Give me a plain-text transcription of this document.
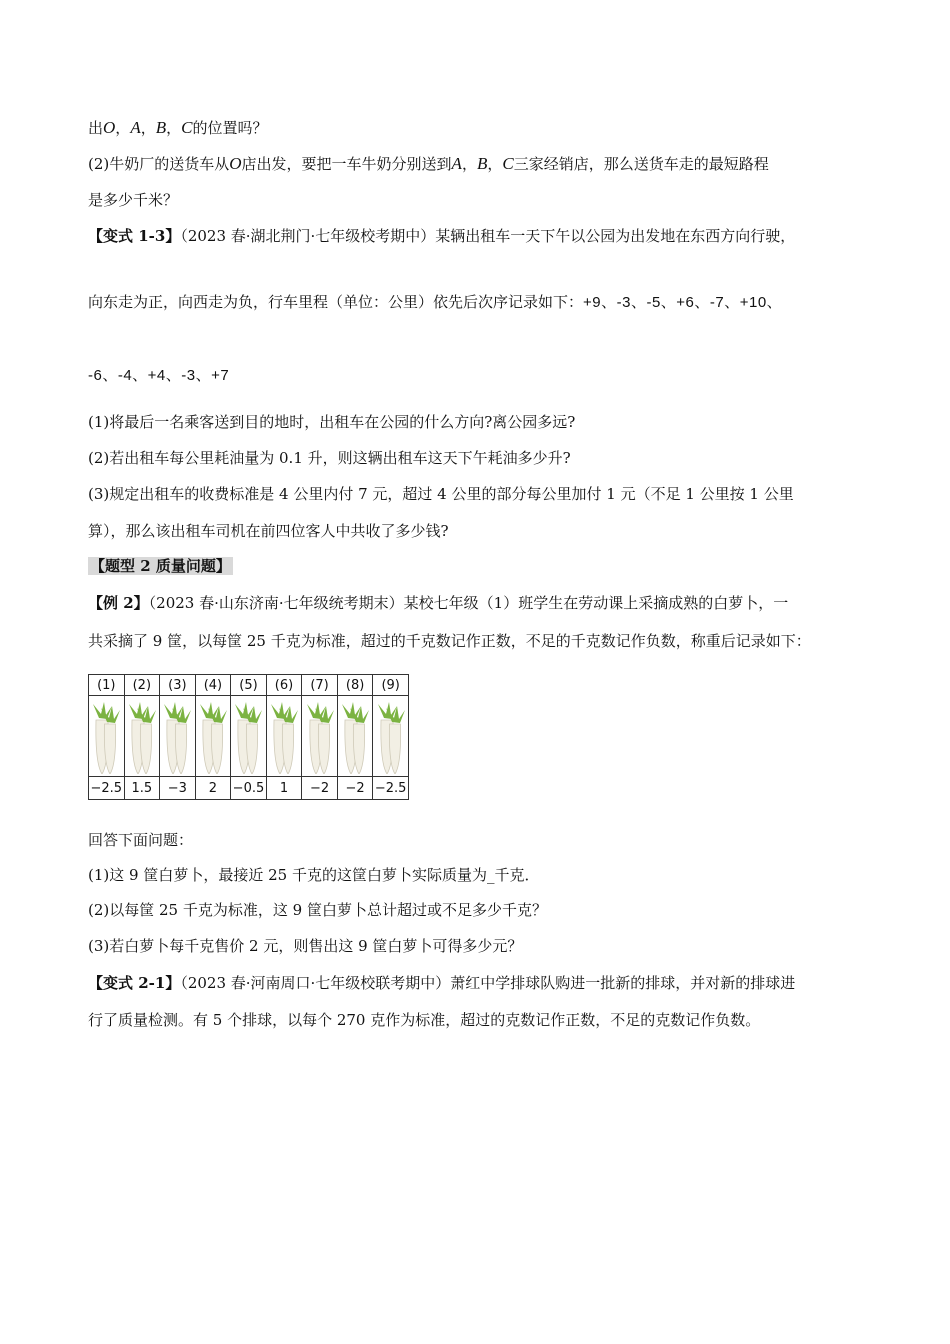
出O，A，B，C的位置吗？
(2)牛奶厂的送货车从O店出发，要把一车牛奶分别送到A，B，C三家经销店，那么送货车走的最短路程
是多少千米？
【变式 1-3】（2023 春·湖北荆门·七年级校考期中）某辆出租车一天下午以公园为出发地在东西方向行驶，
向东走为正，向西走为负，行车里程（单位：公里）依先后次序记录如下：+9、-3、-5、+6、-7、+10、
-6、-4、+4、-3、+7
(1)将最后一名乘客送到目的地时，出租车在公园的什么方向?离公园多远?
(2)若出租车每公里耗油量为 0.1 升，则这辆出租车这天下午耗油多少升?
(3)规定出租车的收费标准是 4 公里内付 7 元，超过 4 公里的部分每公里加付 1 元（不足 1 公里按 1 公里
算），那么该出租车司机在前四位客人中共收了多少钱?
【题型 2 质量问题】
【例 2】（2023 春·山东济南·七年级统考期末）某校七年级（1）班学生在劳动课上采摘成熟的白萝卜，一
共采摘了 9 筐，以每筐 25 千克为标准，超过的千克数记作正数，不足的千克数记作负数，称重后记录如下：
(1)	(2)	(3)	(4)	(5)	(6)	(7)	(8)	(9)

−2.5	1.5	−3	2	−0.5	1	−2	−2	−2.5
回答下面问题：
(1)这 9 筐白萝卜，最接近 25 千克的这筐白萝卜实际质量为_千克．
(2)以每筐 25 千克为标准，这 9 筐白萝卜总计超过或不足多少千克？
(3)若白萝卜每千克售价 2 元，则售出这 9 筐白萝卜可得多少元？
【变式 2-1】（2023 春·河南周口·七年级校联考期中）萧红中学排球队购进一批新的排球，并对新的排球进
行了质量检测。有 5 个排球，以每个 270 克作为标准，超过的克数记作正数，不足的克数记作负数。
